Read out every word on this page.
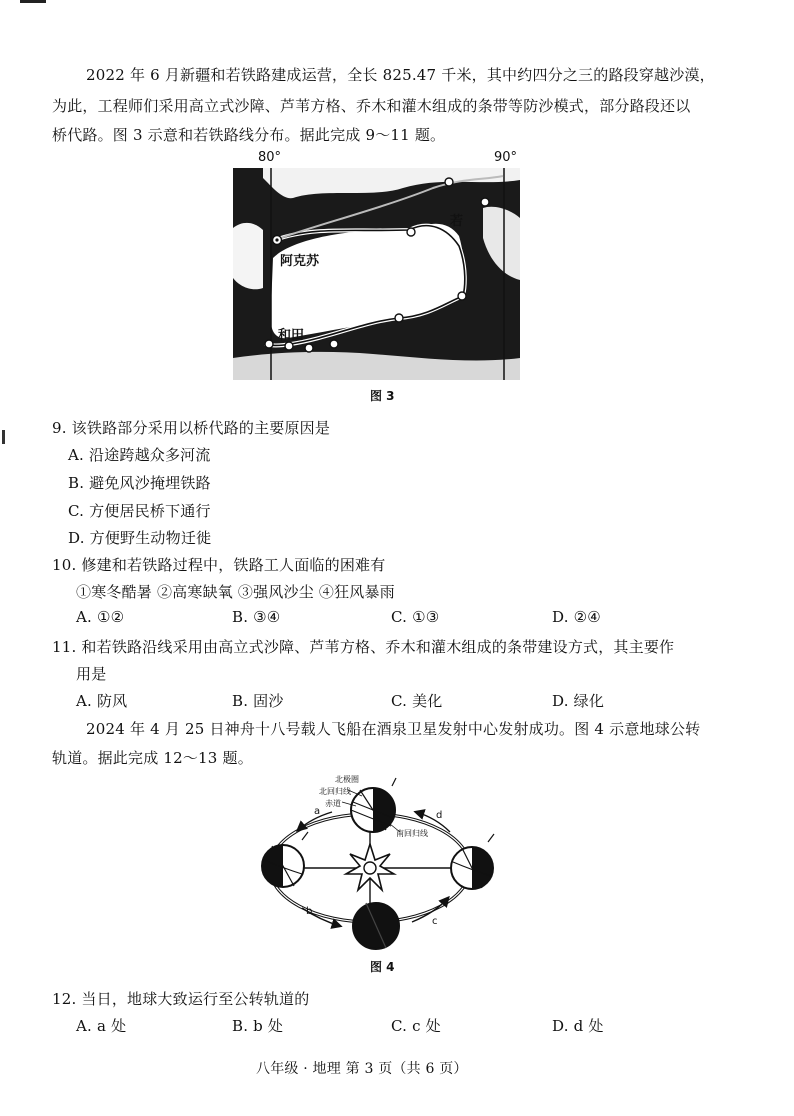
2022 年 6 月新疆和若铁路建成运营，全长 825.47 千米，其中约四分之三的路段穿越沙漠，
为此，工程师们采用高立式沙障、芦苇方格、乔木和灌木组成的条带等防沙模式，部分路段还以
桥代路。图 3 示意和若铁路线分布。据此完成 9～11 题。
80°	90°
阿克苏
和田
若
图 3
9. 该铁路部分采用以桥代路的主要原因是
A. 沿途跨越众多河流
B. 避免风沙掩埋铁路
C. 方便居民桥下通行
D. 方便野生动物迁徙
10. 修建和若铁路过程中，铁路工人面临的困难有
①寒冬酷暑 ②高寒缺氧 ③强风沙尘 ④狂风暴雨
A. ①②	B. ③④	C. ①③	D. ②④
11. 和若铁路沿线采用由高立式沙障、芦苇方格、乔木和灌木组成的条带建设方式，其主要作
用是
A. 防风	B. 固沙	C. 美化	D. 绿化
2024 年 4 月 25 日神舟十八号载人飞船在酒泉卫星发射中心发射成功。图 4 示意地球公转
轨道。据此完成 12～13 题。
北极圈
北回归线
赤道
南回归线
a
b
c
d
图 4
12. 当日，地球大致运行至公转轨道的
A. a 处	B. b 处	C. c 处	D. d 处
八年级 · 地理 第 3 页（共 6 页）
